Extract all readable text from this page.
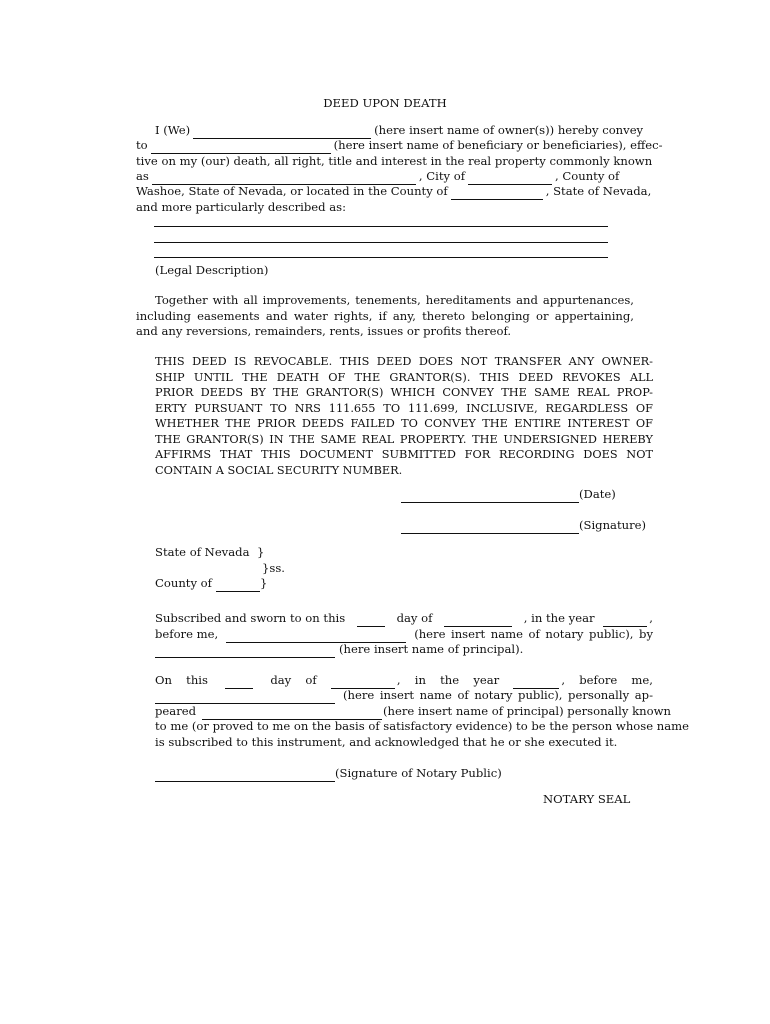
DEED UPON DEATH
I (We)	(here insert name of owner(s)) hereby convey
to	(here insert name of beneficiary or beneficiaries), effec-
tive on my (our) death, all right, title and interest in the real property commonly known
as	, City of	, County of
Washoe, State of Nevada, or located in the County of	, State of Nevada,
and more particularly described as:
(Legal Description)
Together with all improvements, tenements, hereditaments and appurtenances, including easements and water rights, if any, thereto belonging or appertaining, and any reversions, remainders, rents, issues or profits thereof.
THIS DEED IS REVOCABLE. THIS DEED DOES NOT TRANSFER ANY OWNER-
SHIP UNTIL THE DEATH OF THE GRANTOR(S). THIS DEED REVOKES ALL
PRIOR DEEDS BY THE GRANTOR(S) WHICH CONVEY THE SAME REAL PROP-
ERTY PURSUANT TO NRS 111.655 TO 111.699, INCLUSIVE, REGARDLESS OF
WHETHER THE PRIOR DEEDS FAILED TO CONVEY THE ENTIRE INTEREST OF
THE GRANTOR(S) IN THE SAME REAL PROPERTY. THE UNDERSIGNED HEREBY
AFFIRMS THAT THIS DOCUMENT SUBMITTED FOR RECORDING DOES NOT
CONTAIN A SOCIAL SECURITY NUMBER.
(Date)
(Signature)
State of Nevada }
}ss.
County of	}
Subscribed and sworn to on this	day of	, in the year	,
before me,	(here insert name of notary public), by
(here insert name of principal).
On this	day of	, in the year	, before me,
(here insert name of notary public), personally ap-
peared	(here insert name of principal) personally known
to me (or proved to me on the basis of satisfactory evidence) to be the person whose name
is subscribed to this instrument, and acknowledged that he or she executed it.
(Signature of Notary Public)
NOTARY SEAL
